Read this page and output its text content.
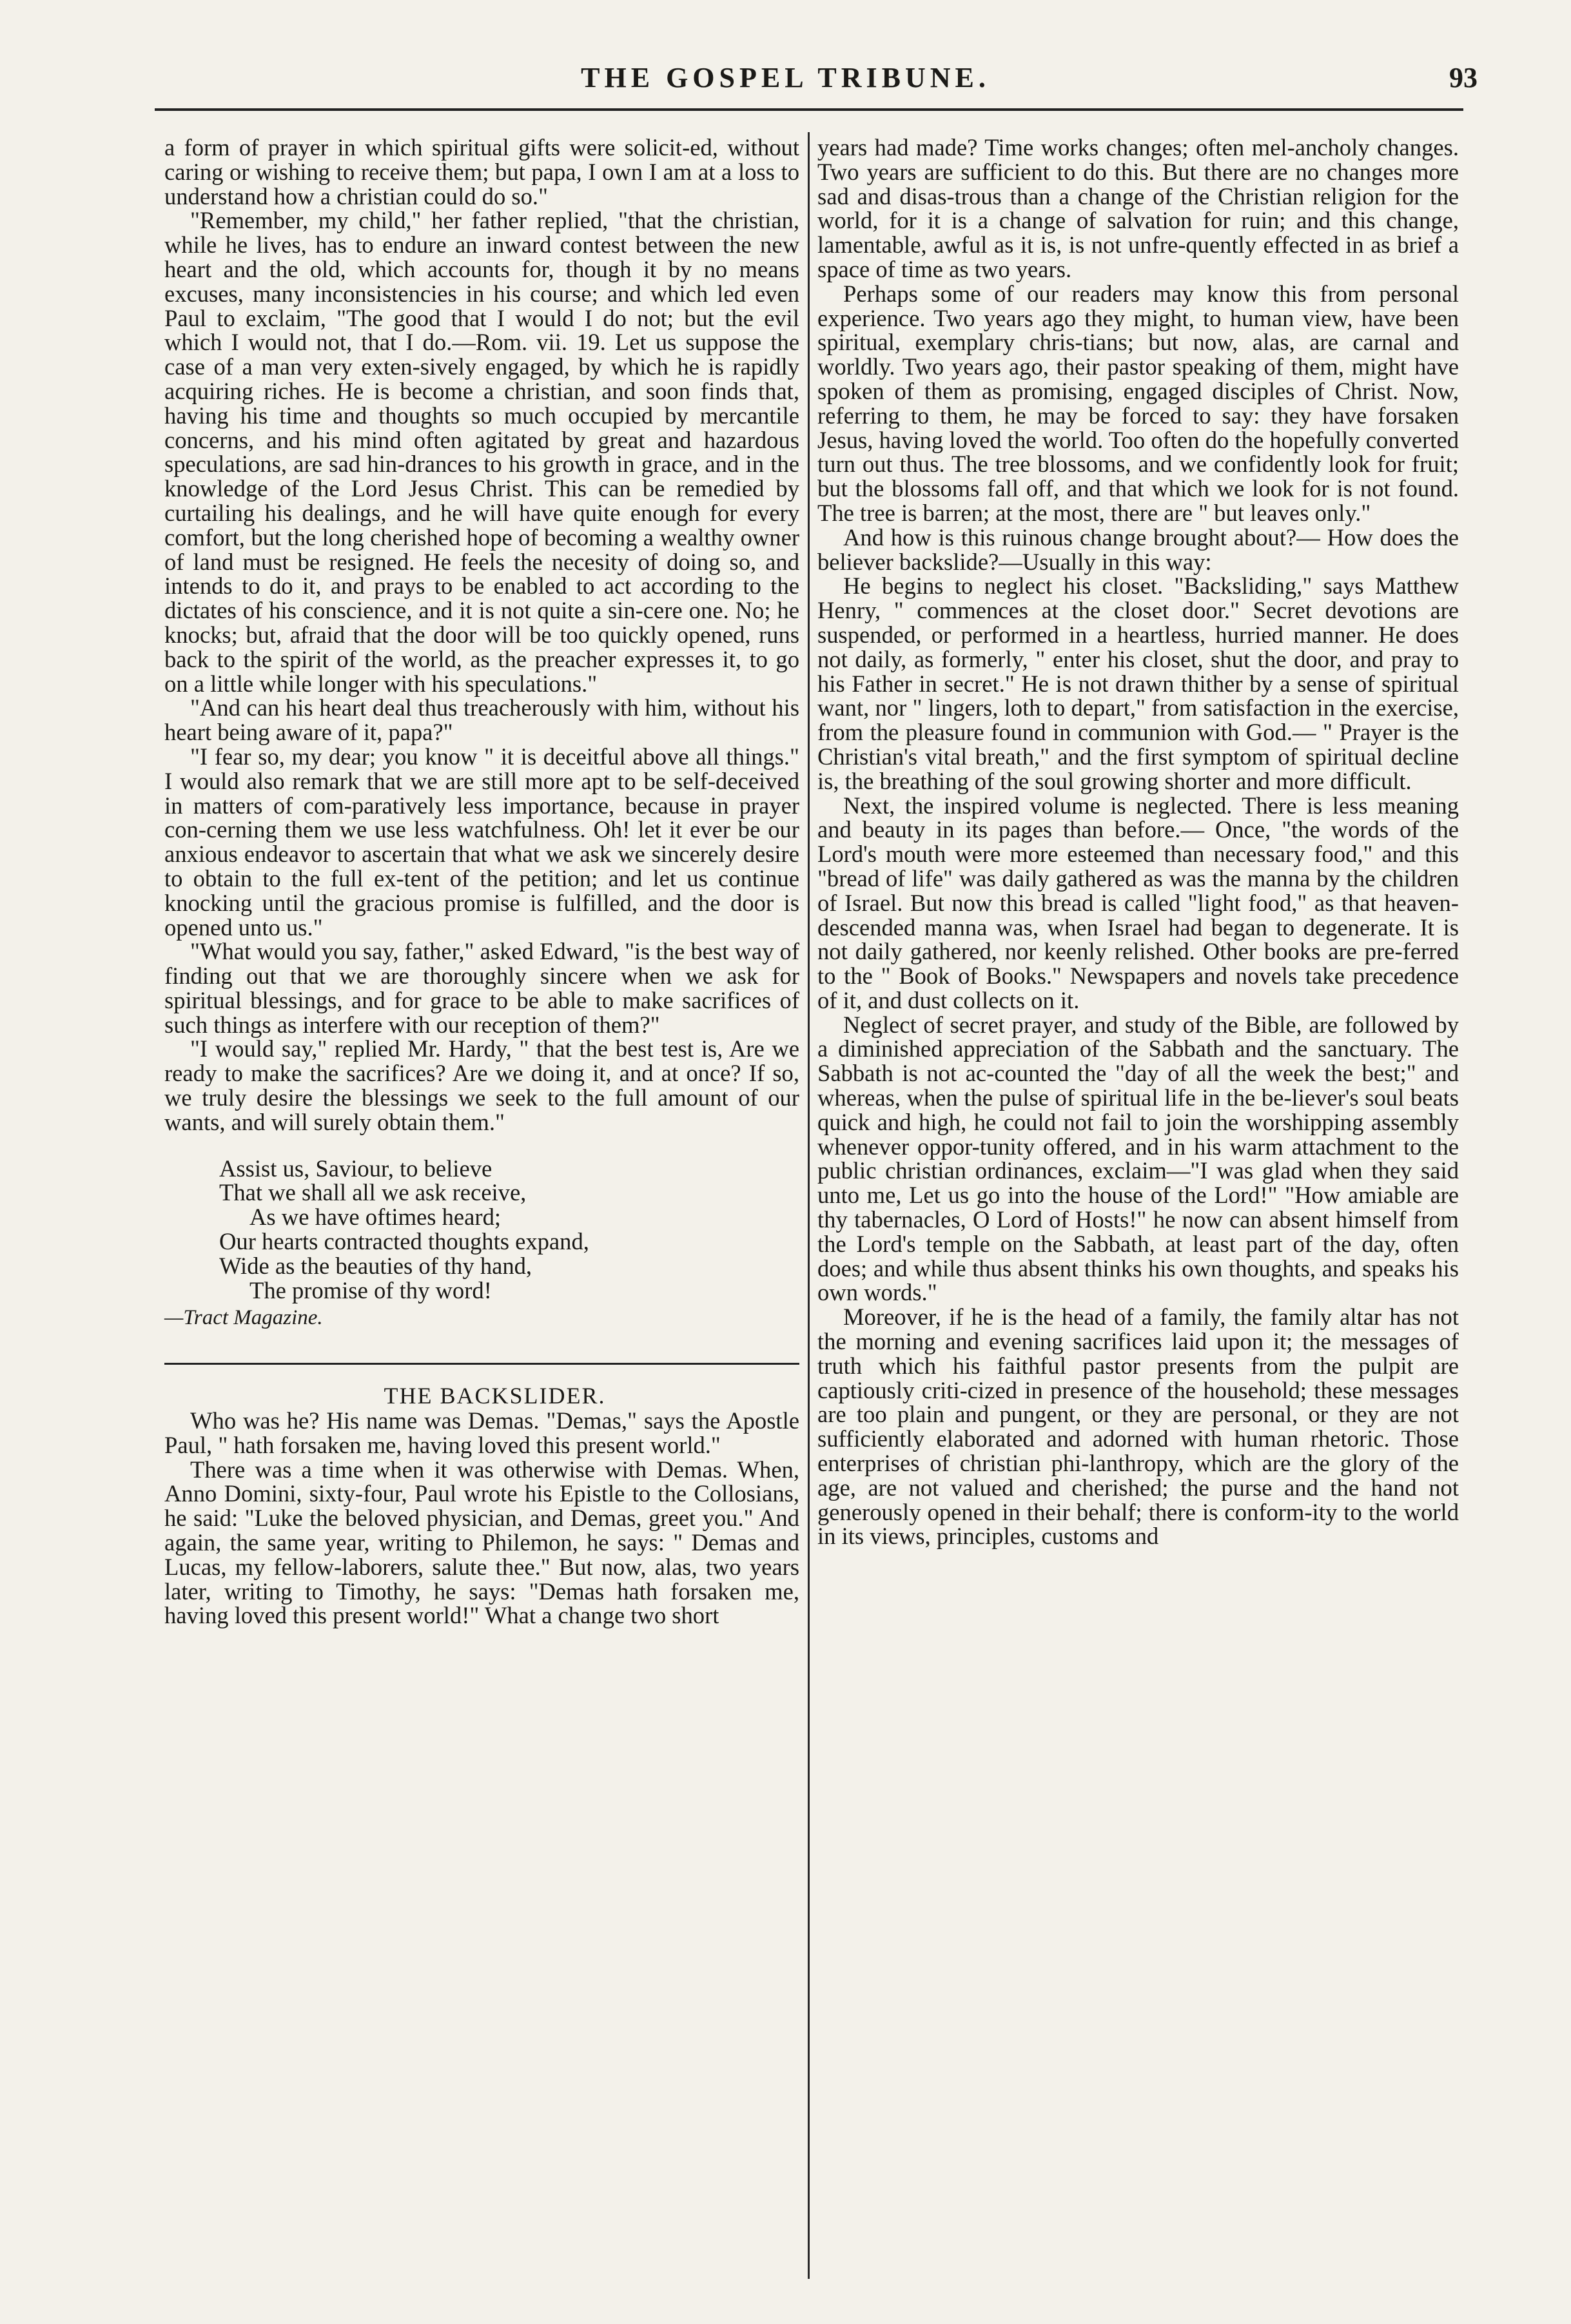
THE GOSPEL TRIBUNE.	93

a form of prayer in which spiritual gifts were solicit-ed, without caring or wishing to receive them; but papa, I own I am at a loss to understand how a christian could do so."

"Remember, my child," her father replied, "that the christian, while he lives, has to endure an inward contest between the new heart and the old, which accounts for, though it by no means excuses, many inconsistencies in his course; and which led even Paul to exclaim, "The good that I would I do not; but the evil which I would not, that I do.—Rom. vii. 19. Let us suppose the case of a man very exten-sively engaged, by which he is rapidly acquiring riches. He is become a christian, and soon finds that, having his time and thoughts so much occupied by mercantile concerns, and his mind often agitated by great and hazardous speculations, are sad hin-drances to his growth in grace, and in the knowledge of the Lord Jesus Christ. This can be remedied by curtailing his dealings, and he will have quite enough for every comfort, but the long cherished hope of becoming a wealthy owner of land must be resigned. He feels the necesity of doing so, and intends to do it, and prays to be enabled to act according to the dictates of his conscience, and it is not quite a sin-cere one. No; he knocks; but, afraid that the door will be too quickly opened, runs back to the spirit of the world, as the preacher expresses it, to go on a little while longer with his speculations."

"And can his heart deal thus treacherously with him, without his heart being aware of it, papa?"

"I fear so, my dear; you know " it is deceitful above all things." I would also remark that we are still more apt to be self-deceived in matters of com-paratively less importance, because in prayer con-cerning them we use less watchfulness. Oh! let it ever be our anxious endeavor to ascertain that what we ask we sincerely desire to obtain to the full ex-tent of the petition; and let us continue knocking until the gracious promise is fulfilled, and the door is opened unto us."

"What would you say, father," asked Edward, "is the best way of finding out that we are thoroughly sincere when we ask for spiritual blessings, and for grace to be able to make sacrifices of such things as interfere with our reception of them?"

"I would say," replied Mr. Hardy, " that the best test is, Are we ready to make the sacrifices? Are we doing it, and at once? If so, we truly desire the blessings we seek to the full amount of our wants, and will surely obtain them."

Assist us, Saviour, to believe
That we shall all we ask receive,
As we have oftimes heard;
Our hearts contracted thoughts expand,
Wide as the beauties of thy hand,
The promise of thy word!
—Tract Magazine.

THE BACKSLIDER.

Who was he? His name was Demas. "Demas," says the Apostle Paul, " hath forsaken me, having loved this present world."

There was a time when it was otherwise with Demas. When, Anno Domini, sixty-four, Paul wrote his Epistle to the Collosians, he said: "Luke the beloved physician, and Demas, greet you." And again, the same year, writing to Philemon, he says: " Demas and Lucas, my fellow-laborers, salute thee." But now, alas, two years later, writing to Timothy, he says: "Demas hath forsaken me, having loved this present world!" What a change two short

years had made? Time works changes; often mel-ancholy changes. Two years are sufficient to do this. But there are no changes more sad and disas-trous than a change of the Christian religion for the world, for it is a change of salvation for ruin; and this change, lamentable, awful as it is, is not unfre-quently effected in as brief a space of time as two years.

Perhaps some of our readers may know this from personal experience. Two years ago they might, to human view, have been spiritual, exemplary chris-tians; but now, alas, are carnal and worldly. Two years ago, their pastor speaking of them, might have spoken of them as promising, engaged disciples of Christ. Now, referring to them, he may be forced to say: they have forsaken Jesus, having loved the world. Too often do the hopefully converted turn out thus. The tree blossoms, and we confidently look for fruit; but the blossoms fall off, and that which we look for is not found. The tree is barren; at the most, there are " but leaves only."

And how is this ruinous change brought about?— How does the believer backslide?—Usually in this way:

He begins to neglect his closet. "Backsliding," says Matthew Henry, " commences at the closet door." Secret devotions are suspended, or performed in a heartless, hurried manner. He does not daily, as formerly, " enter his closet, shut the door, and pray to his Father in secret." He is not drawn thither by a sense of spiritual want, nor " lingers, loth to depart," from satisfaction in the exercise, from the pleasure found in communion with God.— " Prayer is the Christian's vital breath," and the first symptom of spiritual decline is, the breathing of the soul growing shorter and more difficult.

Next, the inspired volume is neglected. There is less meaning and beauty in its pages than before.— Once, "the words of the Lord's mouth were more esteemed than necessary food," and this "bread of life" was daily gathered as was the manna by the children of Israel. But now this bread is called "light food," as that heaven-descended manna was, when Israel had began to degenerate. It is not daily gathered, nor keenly relished. Other books are pre-ferred to the " Book of Books." Newspapers and novels take precedence of it, and dust collects on it.

Neglect of secret prayer, and study of the Bible, are followed by a diminished appreciation of the Sabbath and the sanctuary. The Sabbath is not ac-counted the "day of all the week the best;" and whereas, when the pulse of spiritual life in the be-liever's soul beats quick and high, he could not fail to join the worshipping assembly whenever oppor-tunity offered, and in his warm attachment to the public christian ordinances, exclaim—"I was glad when they said unto me, Let us go into the house of the Lord!" "How amiable are thy tabernacles, O Lord of Hosts!" he now can absent himself from the Lord's temple on the Sabbath, at least part of the day, often does; and while thus absent thinks his own thoughts, and speaks his own words."

Moreover, if he is the head of a family, the family altar has not the morning and evening sacrifices laid upon it; the messages of truth which his faithful pastor presents from the pulpit are captiously criti-cized in presence of the household; these messages are too plain and pungent, or they are personal, or they are not sufficiently elaborated and adorned with human rhetoric. Those enterprises of christian phi-lanthropy, which are the glory of the age, are not valued and cherished; the purse and the hand not generously opened in their behalf; there is conform-ity to the world in its views, principles, customs and
